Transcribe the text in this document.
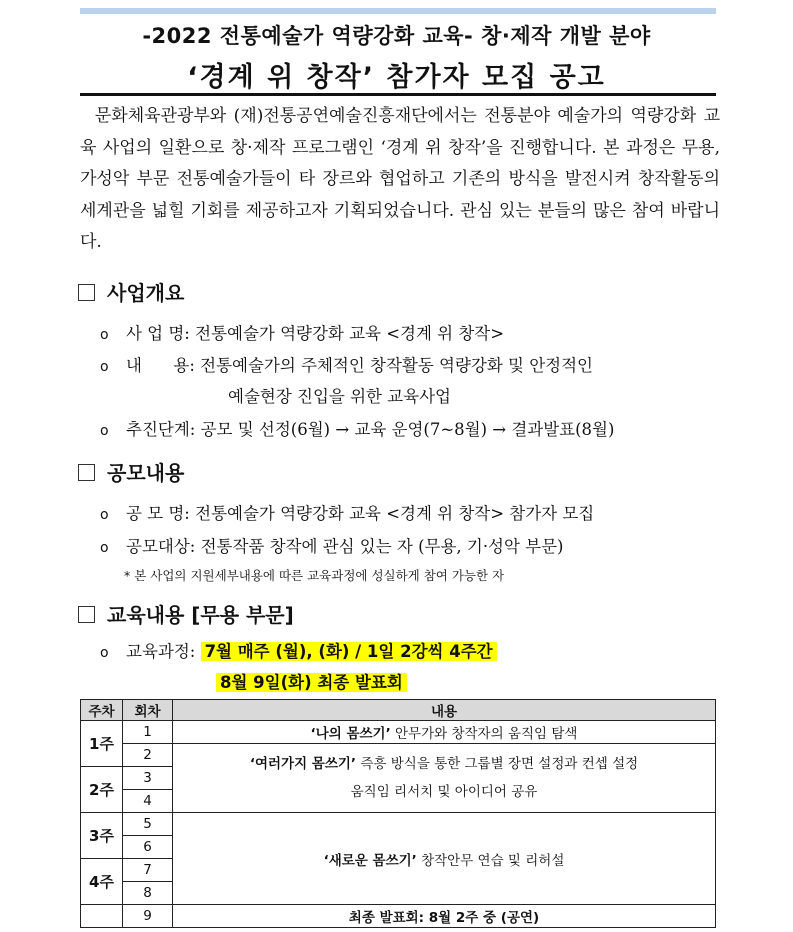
-2022 전통예술가 역량강화 교육- 창·제작 개발 분야
‘경계 위 창작’ 참가자 모집 공고

문화체육관광부와 (재)전통공연예술진흥재단에서는 전통분야 예술가의 역량강화 교육 사업의 일환으로 창·제작 프로그램인 ‘경계 위 창작’을 진행합니다. 본 과정은 무용, 가성악 부문 전통예술가들이 타 장르와 협업하고 기존의 방식을 발전시켜 창작활동의 세계관을 넓힐 기회를 제공하고자 기획되었습니다. 관심 있는 분들의 많은 참여 바랍니다.

사업개요
o 사 업 명: 전통예술가 역량강화 교육 <경계 위 창작>
o 내      용: 전통예술가의 주체적인 창작활동 역량강화 및 안정적인
예술현장 진입을 위한 교육사업
o 추진단계: 공모 및 선정(6월) → 교육 운영(7~8월) → 결과발표(8월)
공모내용
o 공 모 명: 전통예술가 역량강화 교육 <경계 위 창작> 참가자 모집
o 공모대상: 전통작품 창작에 관심 있는 자 (무용, 기·성악 부문)
* 본 사업의 지원세부내용에 따른 교육과정에 성실하게 참여 가능한 자
교육내용 [무용 부문]
o 교육과정: 7월 매주 (월), (화) / 1일 2강씩 4주간
8월 9일(화) 최종 발표회
주차	회차	내용
1주	1	‘나의 몸쓰기’ 안무가와 창작자의 움직임 탐색
	2	‘여러가지 몸쓰기’ 즉흥 방식을 통한 그룹별 장면 설정과 컨셉 설정
움직임 리서치 및 아이디어 공유
2주	3	
	4	
3주	5	‘새로운 몸쓰기’ 창작안무 연습 및 리허설
	6	
4주	7	
	8	
	9	최종 발표회: 8월 2주 중 (공연)
